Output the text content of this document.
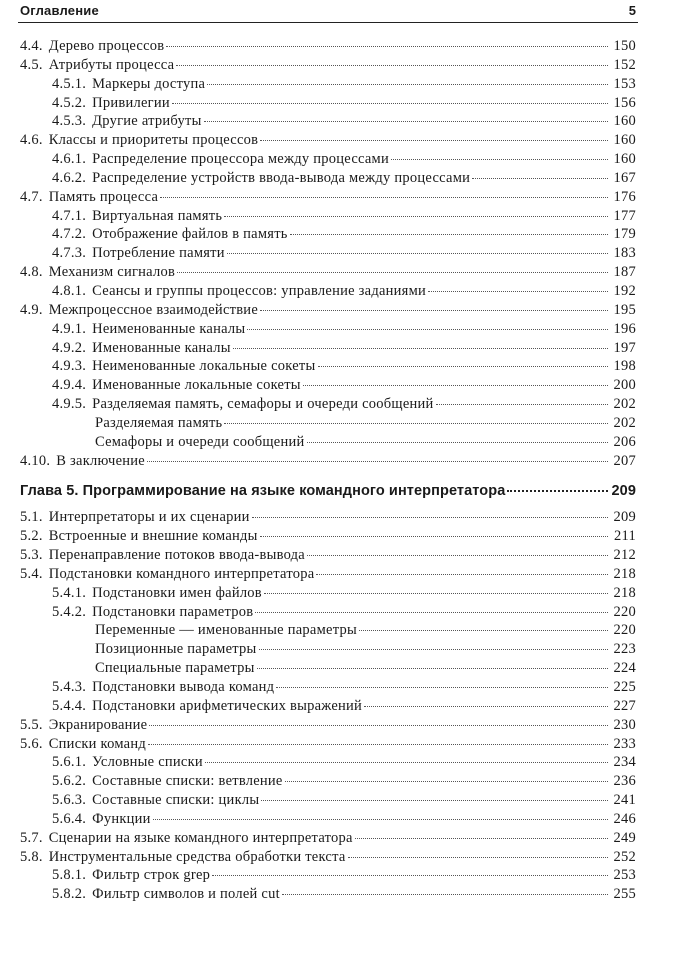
Оглавление	5
4.4. Дерево процессов	150
4.5. Атрибуты процесса	152
4.5.1. Маркеры доступа	153
4.5.2. Привилегии	156
4.5.3. Другие атрибуты	160
4.6. Классы и приоритеты процессов	160
4.6.1. Распределение процессора между процессами	160
4.6.2. Распределение устройств ввода-вывода между процессами	167
4.7. Память процесса	176
4.7.1. Виртуальная память	177
4.7.2. Отображение файлов в память	179
4.7.3. Потребление памяти	183
4.8. Механизм сигналов	187
4.8.1. Сеансы и группы процессов: управление заданиями	192
4.9. Межпроцессное взаимодействие	195
4.9.1. Неименованные каналы	196
4.9.2. Именованные каналы	197
4.9.3. Неименованные локальные сокеты	198
4.9.4. Именованные локальные сокеты	200
4.9.5. Разделяемая память, семафоры и очереди сообщений	202
Разделяемая память	202
Семафоры и очереди сообщений	206
4.10. В заключение	207
Глава 5. Программирование на языке командного интерпретатора	209
5.1. Интерпретаторы и их сценарии	209
5.2. Встроенные и внешние команды	211
5.3. Перенаправление потоков ввода-вывода	212
5.4. Подстановки командного интерпретатора	218
5.4.1. Подстановки имен файлов	218
5.4.2. Подстановки параметров	220
Переменные — именованные параметры	220
Позиционные параметры	223
Специальные параметры	224
5.4.3. Подстановки вывода команд	225
5.4.4. Подстановки арифметических выражений	227
5.5. Экранирование	230
5.6. Списки команд	233
5.6.1. Условные списки	234
5.6.2. Составные списки: ветвление	236
5.6.3. Составные списки: циклы	241
5.6.4. Функции	246
5.7. Сценарии на языке командного интерпретатора	249
5.8. Инструментальные средства обработки текста	252
5.8.1. Фильтр строк grep	253
5.8.2. Фильтр символов и полей cut	255
